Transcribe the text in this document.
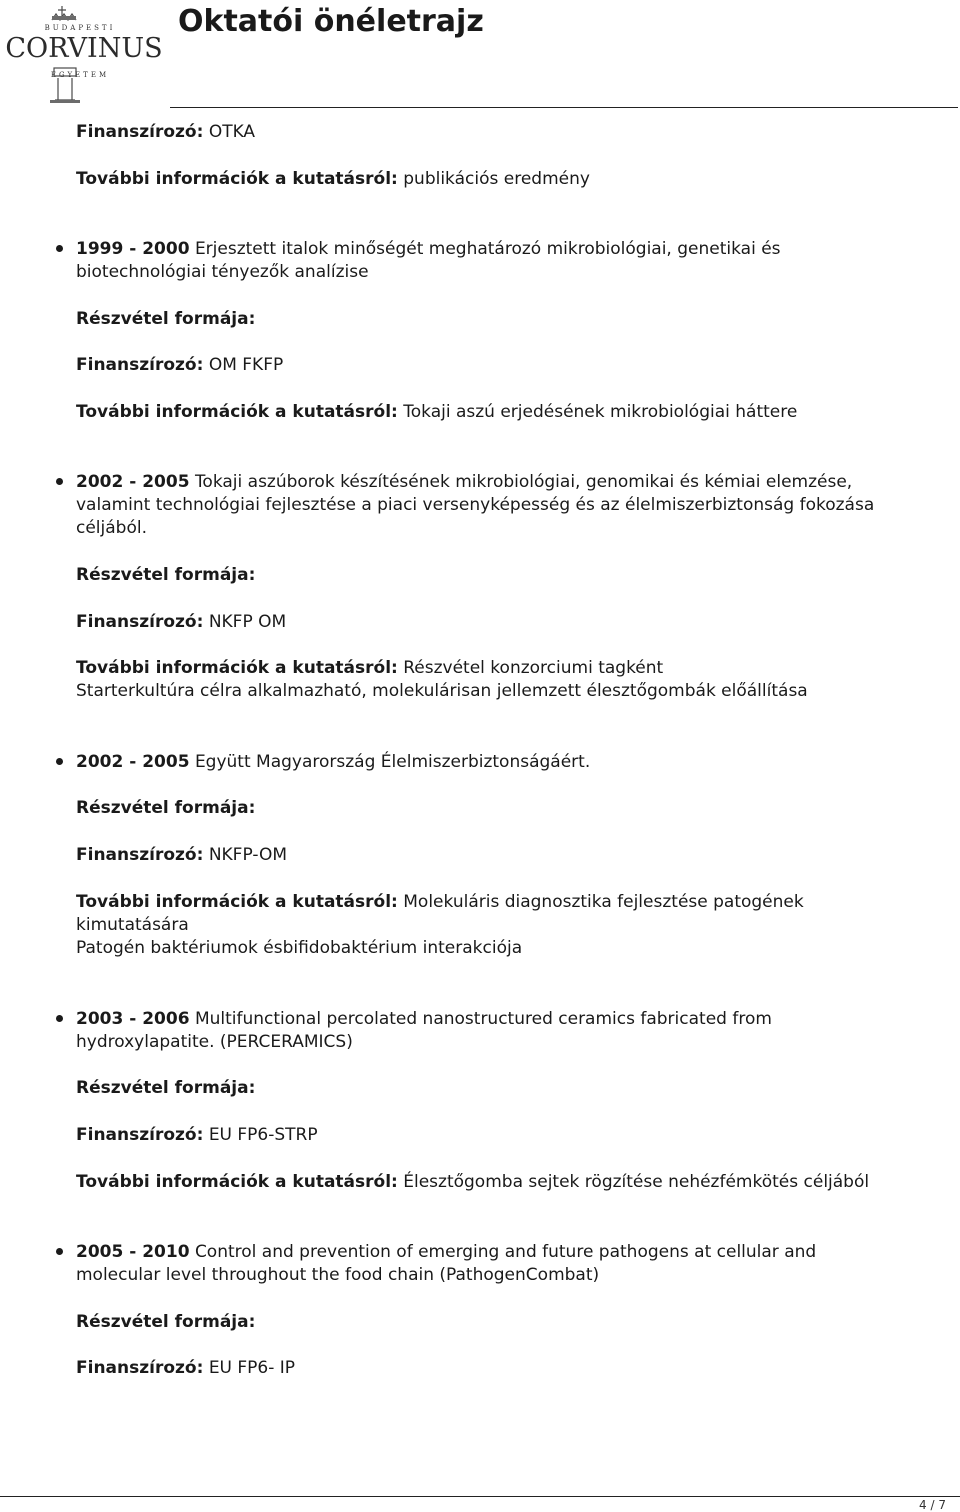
BUDAPESTI
CORVINUS
EGYETEM
Oktatói önéletrajz

Finanszírozó: OTKA

További információk a kutatásról: publikációs eredmény

1999 - 2000 Erjesztett italok minőségét meghatározó mikrobiológiai, genetikai és

biotechnológiai tényezők analízise

Részvétel formája:

Finanszírozó: OM FKFP

További információk a kutatásról: Tokaji aszú erjedésének mikrobiológiai háttere

2002 - 2005 Tokaji aszúborok készítésének mikrobiológiai, genomikai és kémiai elemzése,

valamint technológiai fejlesztése a piaci versenyképesség és az élelmiszerbiztonság fokozása

céljából.

Részvétel formája:

Finanszírozó: NKFP OM

További információk a kutatásról: Részvétel konzorciumi tagként

Starterkultúra célra alkalmazható, molekulárisan jellemzett élesztőgombák előállítása

2002 - 2005 Együtt Magyarország Élelmiszerbiztonságáért.

Részvétel formája:

Finanszírozó: NKFP-OM

További információk a kutatásról: Molekuláris diagnosztika fejlesztése patogének

kimutatására

Patogén baktériumok ésbifidobaktérium interakciója

2003 - 2006 Multifunctional percolated nanostructured ceramics fabricated from

hydroxylapatite. (PERCERAMICS)

Részvétel formája:

Finanszírozó: EU FP6-STRP

További információk a kutatásról: Élesztőgomba sejtek rögzítése nehézfémkötés céljából

2005 - 2010 Control and prevention of emerging and future pathogens at cellular and

molecular level throughout the food chain (PathogenCombat)

Részvétel formája:

Finanszírozó: EU FP6- IP

4 / 7
